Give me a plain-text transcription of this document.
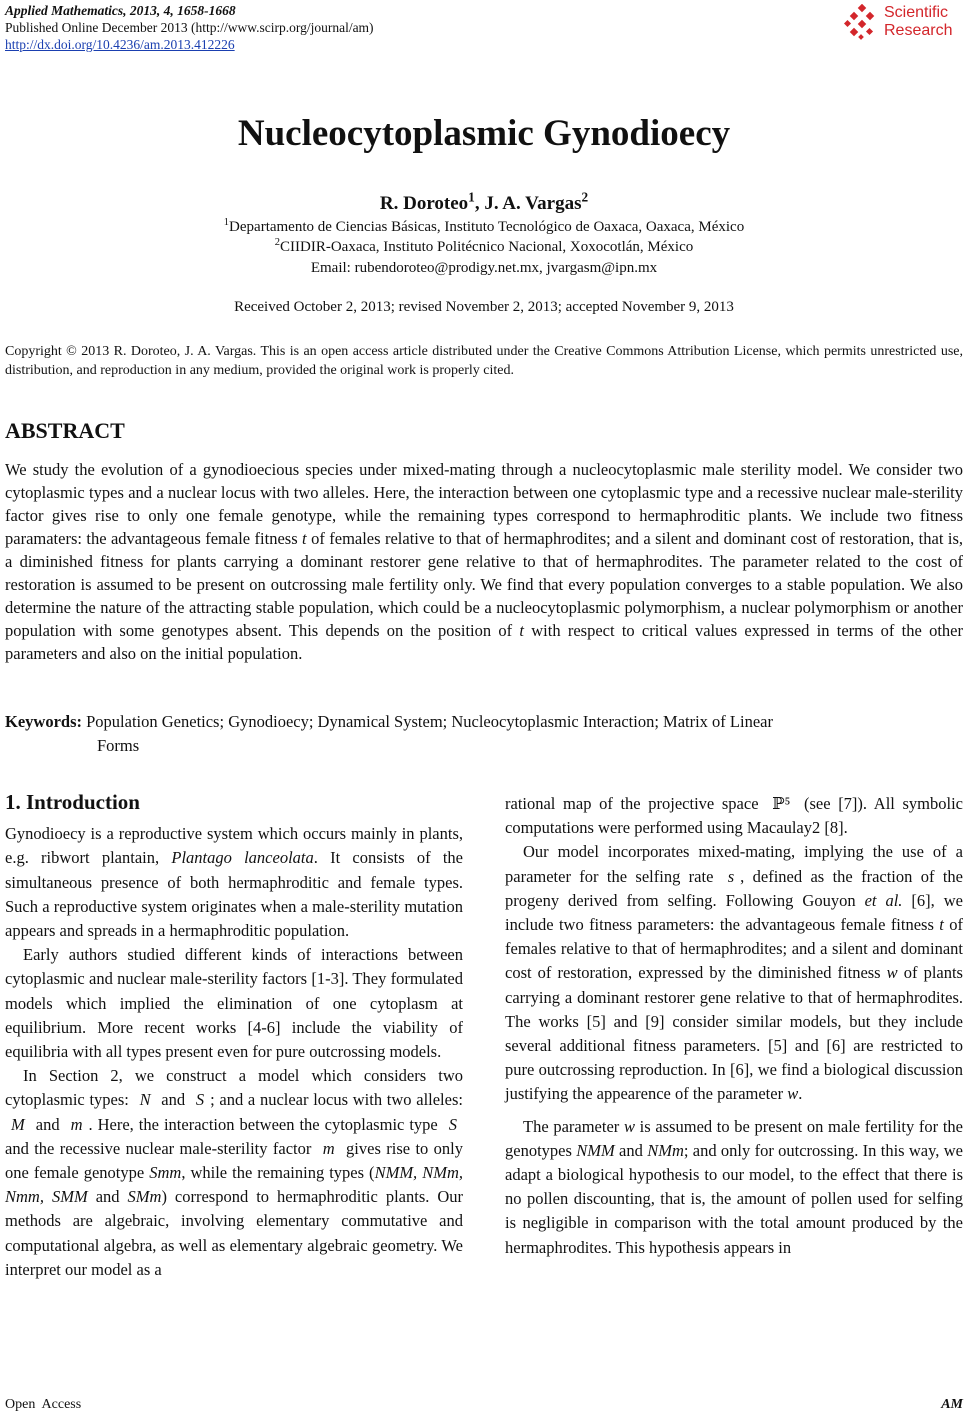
Applied Mathematics, 2013, 4, 1658-1668
Published Online December 2013 (http://www.scirp.org/journal/am)
http://dx.doi.org/10.4236/am.2013.412226
Scientific
Research
Nucleocytoplasmic Gynodioecy
R. Doroteo$^1$, J. A. Vargas$^2$
$^1$Departamento de Ciencias Básicas, Instituto Tecnológico de Oaxaca, Oaxaca, México
$^2$CIIDIR-Oaxaca, Instituto Politécnico Nacional, Xoxocotlán, México
Email: rubendoroteo@prodigy.net.mx, jvargasm@ipn.mx
Received October 2, 2013; revised November 2, 2013; accepted November 9, 2013
Copyright © 2013 R. Doroteo, J. A. Vargas. This is an open access article distributed under the Creative Commons Attribution License, which permits unrestricted use, distribution, and reproduction in any medium, provided the original work is properly cited.
ABSTRACT
We study the evolution of a gynodioecious species under mixed-mating through a nucleocytoplasmic male sterility model. We consider two cytoplasmic types and a nuclear locus with two alleles. Here, the interaction between one cytoplasmic type and a recessive nuclear male-sterility factor gives rise to only one female genotype, while the remaining types correspond to hermaphroditic plants. We include two fitness paramaters: the advantageous female fitness t of females relative to that of hermaphrodites; and a silent and dominant cost of restoration, that is, a diminished fitness for plants carrying a dominant restorer gene relative to that of hermaphrodites. The parameter related to the cost of restoration is assumed to be present on outcrossing male fertility only. We find that every population converges to a stable population. We also determine the nature of the attracting stable population, which could be a nucleocytoplasmic polymorphism, a nuclear polymorphism or another population with some genotypes absent. This depends on the position of t with respect to critical values expressed in terms of the other parameters and also on the initial population.
Keywords: Population Genetics; Gynodioecy; Dynamical System; Nucleocytoplasmic Interaction; Matrix of Linear
Forms

1. Introduction

Gynodioecy is a reproductive system which occurs mainly in plants, e.g. ribwort plantain, Plantago lanceolata. It consists of the simultaneous presence of both hermaphroditic and female types. Such a reproductive system originates when a male-sterility mutation appears and spreads in a hermaphroditic population.

Early authors studied different kinds of interactions between cytoplasmic and nuclear male-sterility factors [1-3]. They formulated models which implied the elimination of one cytoplasm at equilibrium. More recent works [4-6] include the viability of equilibria with all types present even for pure outcrossing models.

In Section 2, we construct a model which considers two cytoplasmic types: N and S ; and a nuclear locus with two alleles: M and m . Here, the interaction between the cytoplasmic type S and the recessive nuclear male-sterility factor m gives rise to only one female genotype Smm, while the remaining types (NMM, NMm, Nmm, SMM and SMm) correspond to hermaphroditic plants. Our methods are algebraic, involving elementary commutative and computational algebra, as well as elementary algebraic geometry. We interpret our model as a

rational map of the projective space ℙ⁵ (see [7]). All symbolic computations were performed using Macaulay2 [8].

Our model incorporates mixed-mating, implying the use of a parameter for the selfing rate s , defined as the fraction of the progeny derived from selfing. Following Gouyon et al. [6], we include two fitness parameters: the advantageous female fitness t of females relative to that of hermaphrodites; and a silent and dominant cost of restoration, expressed by the diminished fitness w of plants carrying a dominant restorer gene relative to that of hermaphrodites. The works [5] and [9] consider similar models, but they include several additional fitness parameters. [5] and [6] are restricted to pure outcrossing reproduction. In [6], we find a biological discussion justifying the appearence of the parameter w.

The parameter w is assumed to be present on male fertility for the genotypes NMM and NMm; and only for outcrossing. In this way, we adapt a biological hypothesis to our model, to the effect that there is no pollen discounting, that is, the amount of pollen used for selfing is negligible in comparison with the total amount produced by the hermaphrodites. This hypothesis appears in

Open  Access	AM
